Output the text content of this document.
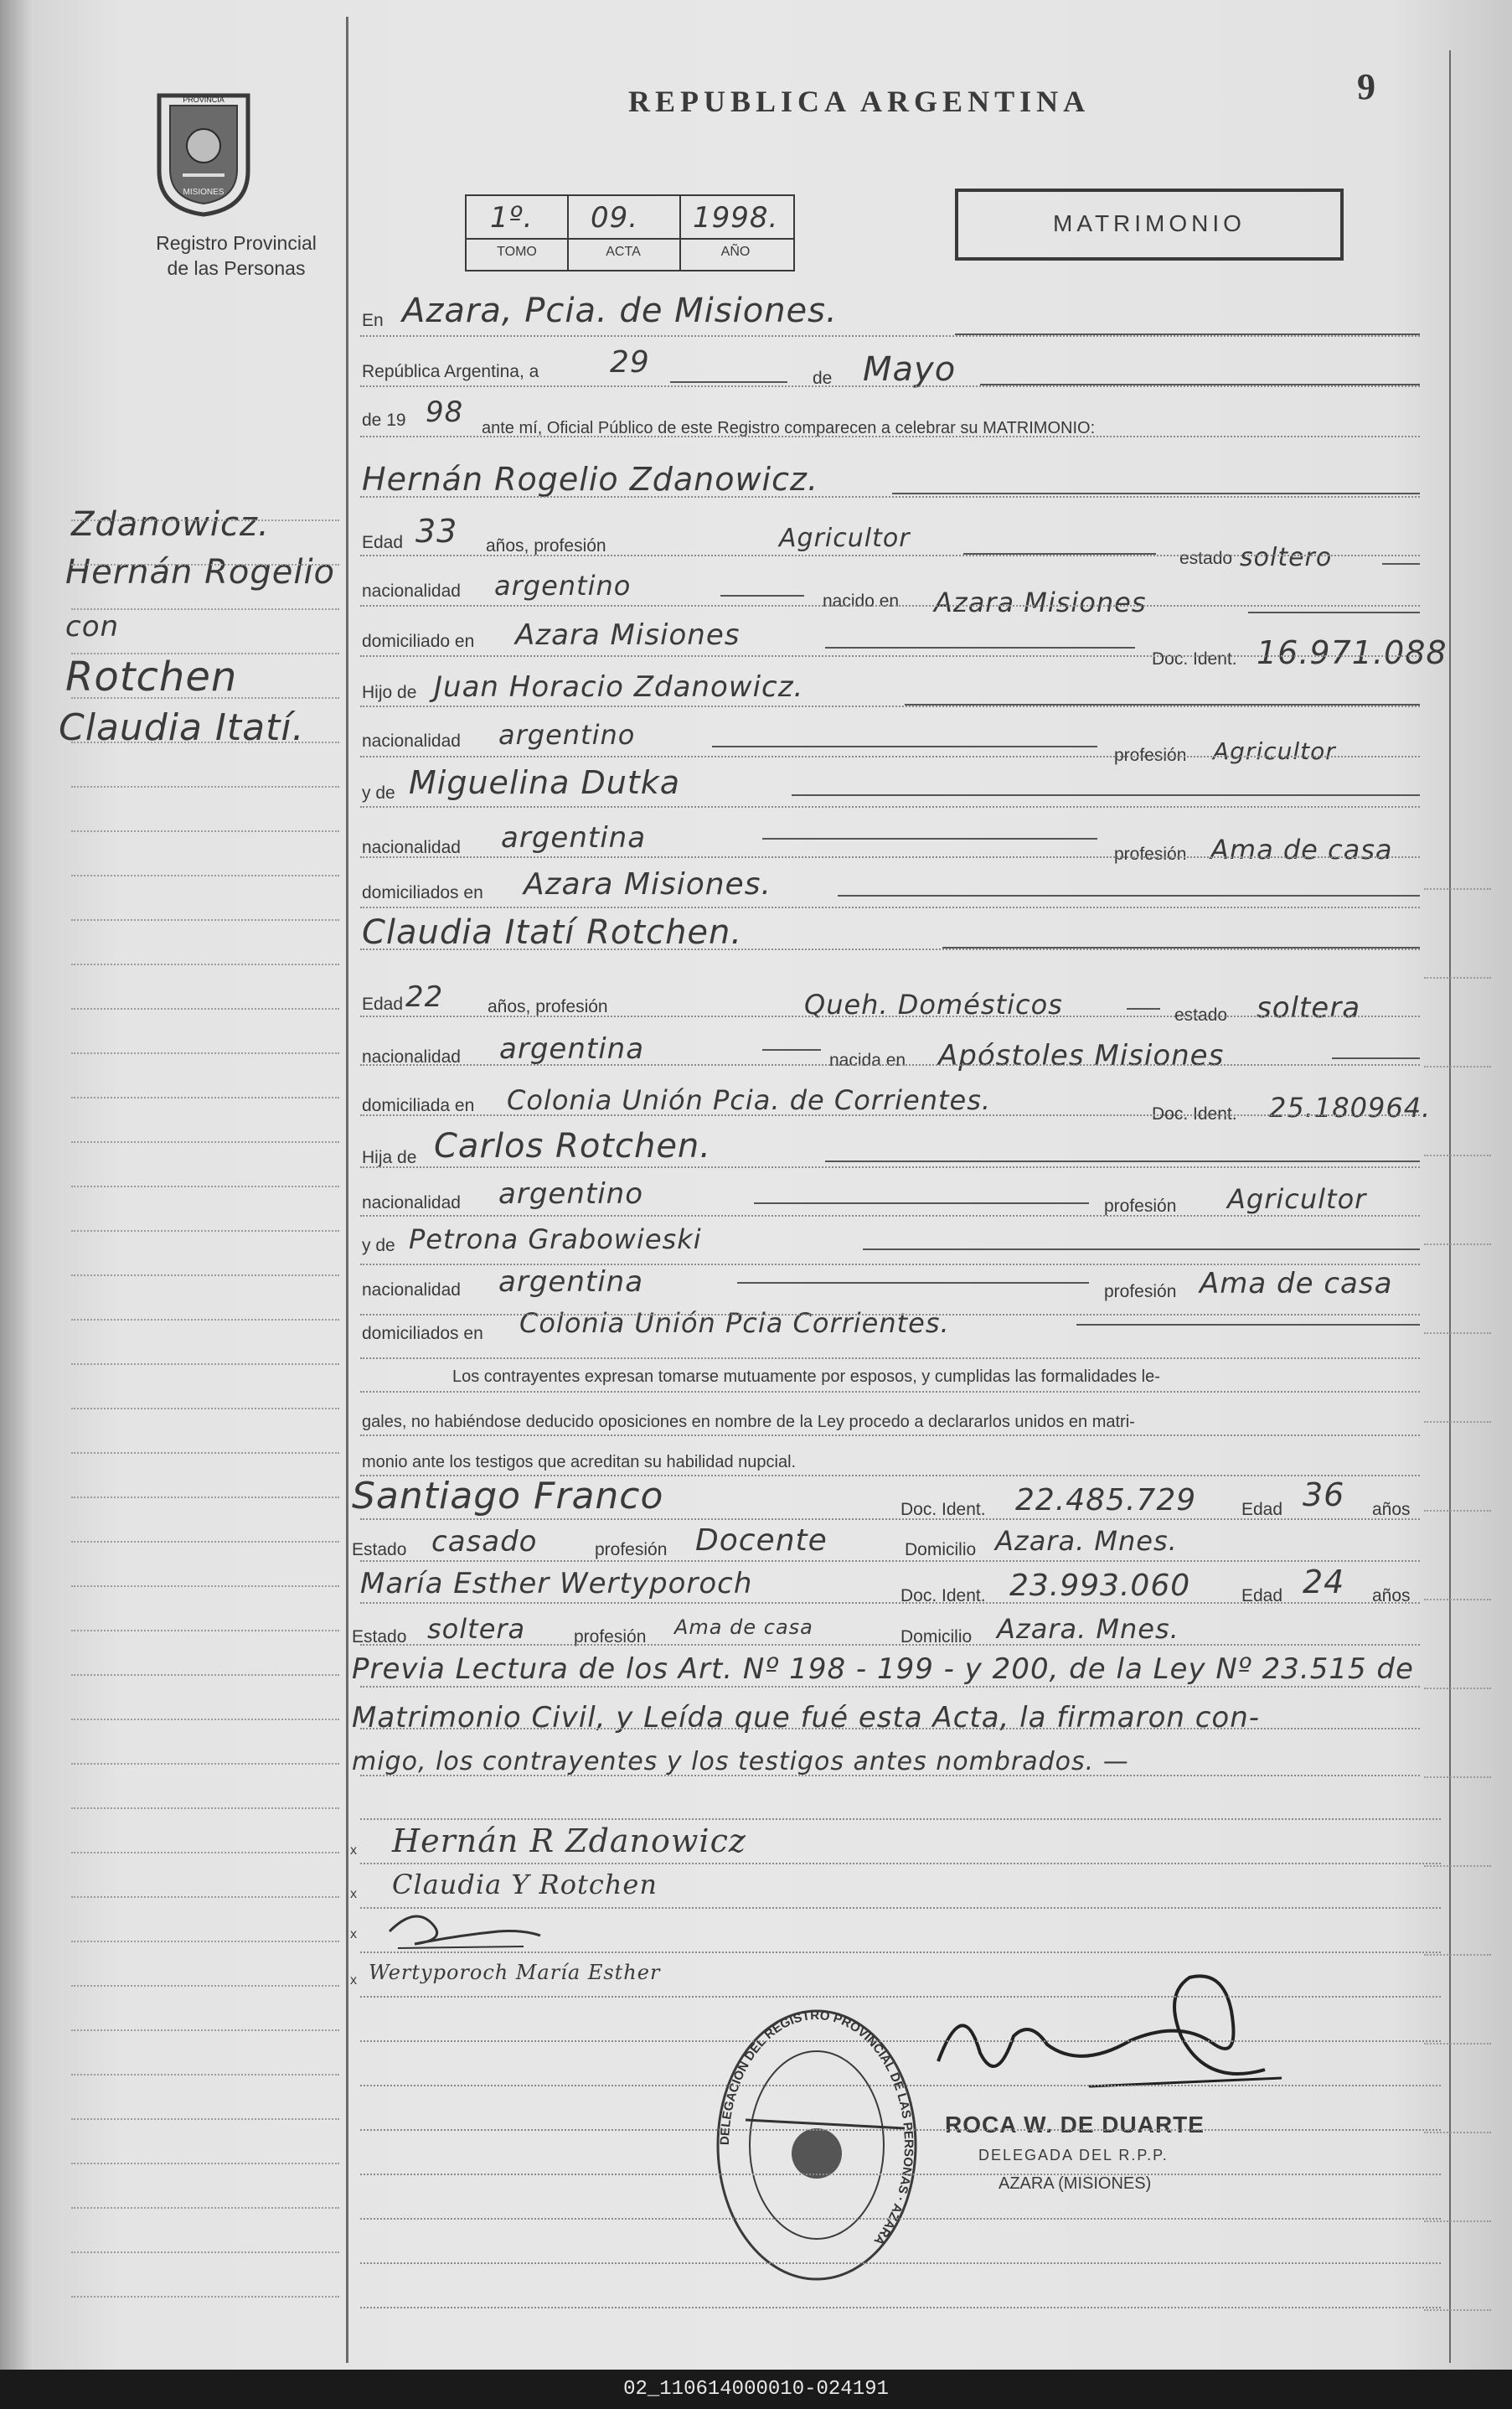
PROVINCIA
MISIONES
Registro Provincial
de las Personas
REPUBLICA ARGENTINA	9
1º. 09. 1998.
TOMO	ACTA	AÑO
MATRIMONIO
Zdanowicz.
Hernán Rogelio
con
Rotchen
Claudia Itatí.
En Azara, Pcia. de Misiones.
República Argentina, a 29	de Mayo
de 19 98 ante mí, Oficial Público de este Registro comparecen a celebrar su MATRIMONIO:
Hernán Rogelio Zdanowicz.
Edad 33 años, profesión	Agricultor
estado soltero
nacionalidad argentino	nacido en Azara Misiones
domiciliado en Azara Misiones
Doc. Ident. 16.971.088
Hijo de Juan Horacio Zdanowicz.
nacionalidad argentino
profesión Agricultor
y de Miguelina Dutka
nacionalidad argentina	profesión Ama de casa
domiciliados en Azara Misiones.
Claudia Itatí Rotchen.
Edad 22	años, profesión	Queh. Domésticos	estado soltera
nacionalidad argentina	nacida en Apóstoles Misiones
domiciliada en Colonia Unión Pcia. de Corrientes.	Doc. Ident. 25.180964.
Hija de Carlos Rotchen.
nacionalidad argentino	profesión Agricultor
y de Petrona Grabowieski
nacionalidad argentina	profesión Ama de casa
domiciliados en Colonia Unión Pcia Corrientes.
Los contrayentes expresan tomarse mutuamente por esposos, y cumplidas las formalidades le-
gales, no habiéndose deducido oposiciones en nombre de la Ley procedo a declararlos unidos en matri-
monio ante los testigos que acreditan su habilidad nupcial.
Santiago Franco	Doc. Ident. 22.485.729	Edad 36 años
Estado casado	profesión Docente	Domicilio Azara. Mnes.
María Esther Wertyporoch	Doc. Ident. 23.993.060	Edad 24 años
Estado soltera	profesión Ama de casa	Domicilio Azara. Mnes.
Previa Lectura de los Art. Nº 198 - 199 - y 200, de la Ley Nº 23.515 de
Matrimonio Civil, y Leída que fué esta Acta, la firmaron con-
migo, los contrayentes y los testigos antes nombrados. —
x Hernán R Zdanowicz
x Claudia Y Rotchen
x
x Wertyporoch María Esther
DELEGACION DEL REGISTRO PROVINCIAL DE LAS PERSONAS · AZARA
ROCA W. DE DUARTE
DELEGADA DEL R.P.P.
AZARA (MISIONES)
02_110614000010-024191
